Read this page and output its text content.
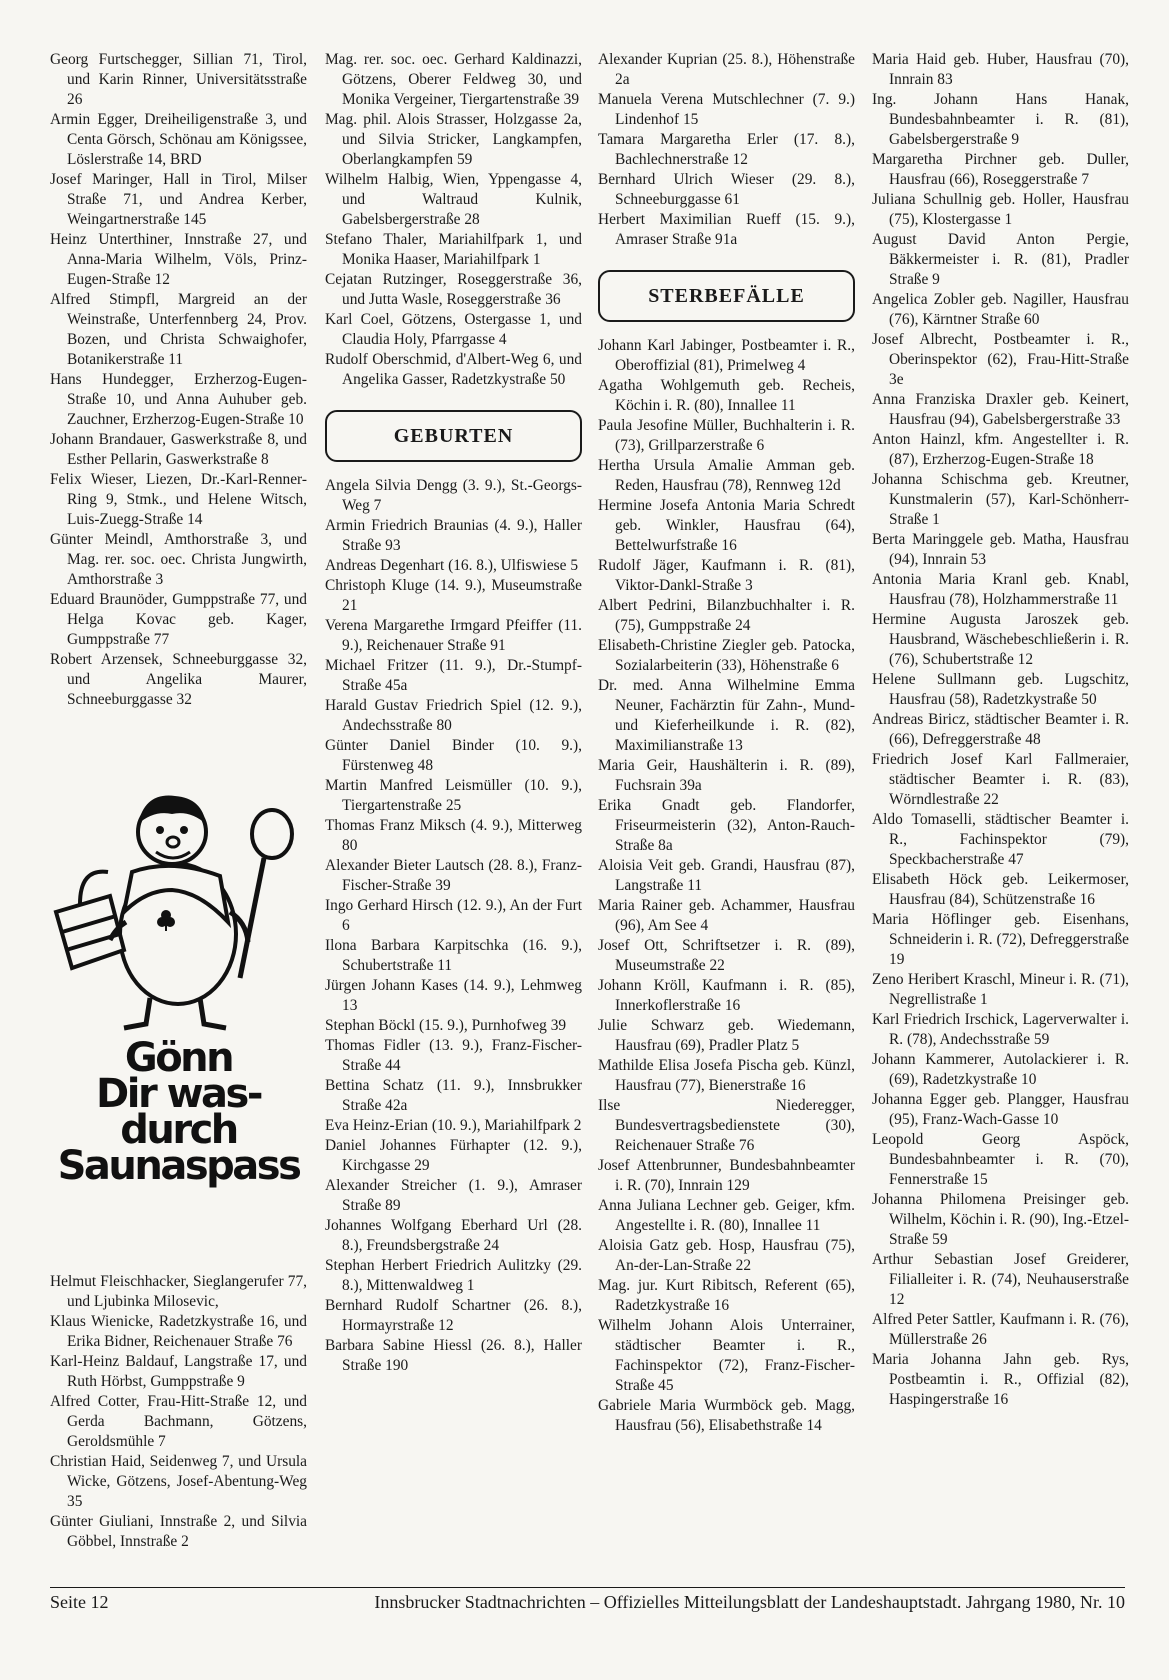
Georg Furtschegger, Sillian 71, Tirol, und Karin Rinner, Universitätsstraße 26

Armin Egger, Dreiheiligenstraße 3, und Centa Görsch, Schönau am Königssee, Löslerstraße 14, BRD

Josef Maringer, Hall in Tirol, Milser Straße 71, und Andrea Kerber, Weingartnerstraße 145

Heinz Unterthiner, Innstraße 27, und Anna-Maria Wilhelm, Völs, Prinz-Eugen-Straße 12

Alfred Stimpfl, Margreid an der Weinstraße, Unterfennberg 24, Prov. Bozen, und Christa Schwaighofer, Botanikerstraße 11

Hans Hundegger, Erzherzog-Eugen-Straße 10, und Anna Auhuber geb. Zauchner, Erzherzog-Eugen-Straße 10

Johann Brandauer, Gaswerkstraße 8, und Esther Pellarin, Gaswerkstraße 8

Felix Wieser, Liezen, Dr.-Karl-Renner-Ring 9, Stmk., und Helene Witsch, Luis-Zuegg-Straße 14

Günter Meindl, Amthorstraße 3, und Mag. rer. soc. oec. Christa Jungwirth, Amthorstraße 3

Eduard Braunöder, Gumppstraße 77, und Helga Kovac geb. Kager, Gumppstraße 77

Robert Arzensek, Schneeburggasse 32, und Angelika Maurer, Schneeburggasse 32

Gönn
Dir was-
durch
Saunaspass

Helmut Fleischhacker, Sieglangerufer 77, und Ljubinka Milosevic,

Klaus Wienicke, Radetzkystraße 16, und Erika Bidner, Reichenauer Straße 76

Karl-Heinz Baldauf, Langstraße 17, und Ruth Hörbst, Gumppstraße 9

Alfred Cotter, Frau-Hitt-Straße 12, und Gerda Bachmann, Götzens, Geroldsmühle 7

Christian Haid, Seidenweg 7, und Ursula Wicke, Götzens, Josef-Abentung-Weg 35

Günter Giuliani, Innstraße 2, und Silvia Göbbel, Innstraße 2

Mag. rer. soc. oec. Gerhard Kaldinazzi, Götzens, Oberer Feldweg 30, und Monika Vergeiner, Tiergartenstraße 39

Mag. phil. Alois Strasser, Holzgasse 2a, und Silvia Stricker, Langkampfen, Oberlangkampfen 59

Wilhelm Halbig, Wien, Yppengasse 4, und Waltraud Kulnik, Gabelsbergerstraße 28

Stefano Thaler, Mariahilfpark 1, und Monika Haaser, Mariahilfpark 1

Cejatan Rutzinger, Roseggerstraße 36, und Jutta Wasle, Roseggerstraße 36

Karl Coel, Götzens, Ostergasse 1, und Claudia Holy, Pfarrgasse 4

Rudolf Oberschmid, d'Albert-Weg 6, und Angelika Gasser, Radetzkystraße 50

GEBURTEN

Angela Silvia Dengg (3. 9.), St.-Georgs-Weg 7

Armin Friedrich Braunias (4. 9.), Haller Straße 93

Andreas Degenhart (16. 8.), Ulfiswiese 5

Christoph Kluge (14. 9.), Museumstraße 21

Verena Margarethe Irmgard Pfeiffer (11. 9.), Reichenauer Straße 91

Michael Fritzer (11. 9.), Dr.-Stumpf-Straße 45a

Harald Gustav Friedrich Spiel (12. 9.), Andechsstraße 80

Günter Daniel Binder (10. 9.), Fürstenweg 48

Martin Manfred Leismüller (10. 9.), Tiergartenstraße 25

Thomas Franz Miksch (4. 9.), Mitterweg 80

Alexander Bieter Lautsch (28. 8.), Franz-Fischer-Straße 39

Ingo Gerhard Hirsch (12. 9.), An der Furt 6

Ilona Barbara Karpitschka (16. 9.), Schubertstraße 11

Jürgen Johann Kases (14. 9.), Lehmweg 13

Stephan Böckl (15. 9.), Purnhofweg 39

Thomas Fidler (13. 9.), Franz-Fischer-Straße 44

Bettina Schatz (11. 9.), Innsbrukker Straße 42a

Eva Heinz-Erian (10. 9.), Mariahilfpark 2

Daniel Johannes Fürhapter (12. 9.), Kirchgasse 29

Alexander Streicher (1. 9.), Amraser Straße 89

Johannes Wolfgang Eberhard Url (28. 8.), Freundsbergstraße 24

Stephan Herbert Friedrich Aulitzky (29. 8.), Mittenwaldweg 1

Bernhard Rudolf Schartner (26. 8.), Hormayrstraße 12

Barbara Sabine Hiessl (26. 8.), Haller Straße 190

Alexander Kuprian (25. 8.), Höhenstraße 2a

Manuela Verena Mutschlechner (7. 9.) Lindenhof 15

Tamara Margaretha Erler (17. 8.), Bachlechnerstraße 12

Bernhard Ulrich Wieser (29. 8.), Schneeburggasse 61

Herbert Maximilian Rueff (15. 9.), Amraser Straße 91a

STERBEFÄLLE

Johann Karl Jabinger, Postbeamter i. R., Oberoffizial (81), Primelweg 4

Agatha Wohlgemuth geb. Recheis, Köchin i. R. (80), Innallee 11

Paula Jesofine Müller, Buchhalterin i. R. (73), Grillparzerstraße 6

Hertha Ursula Amalie Amman geb. Reden, Hausfrau (78), Rennweg 12d

Hermine Josefa Antonia Maria Schredt geb. Winkler, Hausfrau (64), Bettelwurfstraße 16

Rudolf Jäger, Kaufmann i. R. (81), Viktor-Dankl-Straße 3

Albert Pedrini, Bilanzbuchhalter i. R. (75), Gumppstraße 24

Elisabeth-Christine Ziegler geb. Patocka, Sozialarbeiterin (33), Höhenstraße 6

Dr. med. Anna Wilhelmine Emma Neuner, Fachärztin für Zahn-, Mund- und Kieferheilkunde i. R. (82), Maximilianstraße 13

Maria Geir, Haushälterin i. R. (89), Fuchsrain 39a

Erika Gnadt geb. Flandorfer, Friseurmeisterin (32), Anton-Rauch-Straße 8a

Aloisia Veit geb. Grandi, Hausfrau (87), Langstraße 11

Maria Rainer geb. Achammer, Hausfrau (96), Am See 4

Josef Ott, Schriftsetzer i. R. (89), Museumstraße 22

Johann Kröll, Kaufmann i. R. (85), Innerkoflerstraße 16

Julie Schwarz geb. Wiedemann, Hausfrau (69), Pradler Platz 5

Mathilde Elisa Josefa Pischa geb. Künzl, Hausfrau (77), Bienerstraße 16

Ilse Niederegger, Bundesvertragsbedienstete (30), Reichenauer Straße 76

Josef Attenbrunner, Bundesbahnbeamter i. R. (70), Innrain 129

Anna Juliana Lechner geb. Geiger, kfm. Angestellte i. R. (80), Innallee 11

Aloisia Gatz geb. Hosp, Hausfrau (75), An-der-Lan-Straße 22

Mag. jur. Kurt Ribitsch, Referent (65), Radetzkystraße 16

Wilhelm Johann Alois Unterrainer, städtischer Beamter i. R., Fachinspektor (72), Franz-Fischer-Straße 45

Gabriele Maria Wurmböck geb. Magg, Hausfrau (56), Elisabethstraße 14

Maria Haid geb. Huber, Hausfrau (70), Innrain 83

Ing. Johann Hans Hanak, Bundesbahnbeamter i. R. (81), Gabelsbergerstraße 9

Margaretha Pirchner geb. Duller, Hausfrau (66), Roseggerstraße 7

Juliana Schullnig geb. Holler, Hausfrau (75), Klostergasse 1

August David Anton Pergie, Bäkkermeister i. R. (81), Pradler Straße 9

Angelica Zobler geb. Nagiller, Hausfrau (76), Kärntner Straße 60

Josef Albrecht, Postbeamter i. R., Oberinspektor (62), Frau-Hitt-Straße 3e

Anna Franziska Draxler geb. Keinert, Hausfrau (94), Gabelsbergerstraße 33

Anton Hainzl, kfm. Angestellter i. R. (87), Erzherzog-Eugen-Straße 18

Johanna Schischma geb. Kreutner, Kunstmalerin (57), Karl-Schönherr-Straße 1

Berta Maringgele geb. Matha, Hausfrau (94), Innrain 53

Antonia Maria Kranl geb. Knabl, Hausfrau (78), Holzhammerstraße 11

Hermine Augusta Jaroszek geb. Hausbrand, Wäschebeschließerin i. R. (76), Schubertstraße 12

Helene Sullmann geb. Lugschitz, Hausfrau (58), Radetzkystraße 50

Andreas Biricz, städtischer Beamter i. R. (66), Defreggerstraße 48

Friedrich Josef Karl Fallmeraier, städtischer Beamter i. R. (83), Wörndlestraße 22

Aldo Tomaselli, städtischer Beamter i. R., Fachinspektor (79), Speckbacherstraße 47

Elisabeth Höck geb. Leikermoser, Hausfrau (84), Schützenstraße 16

Maria Höflinger geb. Eisenhans, Schneiderin i. R. (72), Defreggerstraße 19

Zeno Heribert Kraschl, Mineur i. R. (71), Negrellistraße 1

Karl Friedrich Irschick, Lagerverwalter i. R. (78), Andechsstraße 59

Johann Kammerer, Autolackierer i. R. (69), Radetzkystraße 10

Johanna Egger geb. Plangger, Hausfrau (95), Franz-Wach-Gasse 10

Leopold Georg Aspöck, Bundesbahnbeamter i. R. (70), Fennerstraße 15

Johanna Philomena Preisinger geb. Wilhelm, Köchin i. R. (90), Ing.-Etzel-Straße 59

Arthur Sebastian Josef Greiderer, Filialleiter i. R. (74), Neuhauserstraße 12

Alfred Peter Sattler, Kaufmann i. R. (76), Müllerstraße 26

Maria Johanna Jahn geb. Rys, Postbeamtin i. R., Offizial (82), Haspingerstraße 16

Seite 12	Innsbrucker Stadtnachrichten – Offizielles Mitteilungsblatt der Landeshauptstadt. Jahrgang 1980, Nr. 10
